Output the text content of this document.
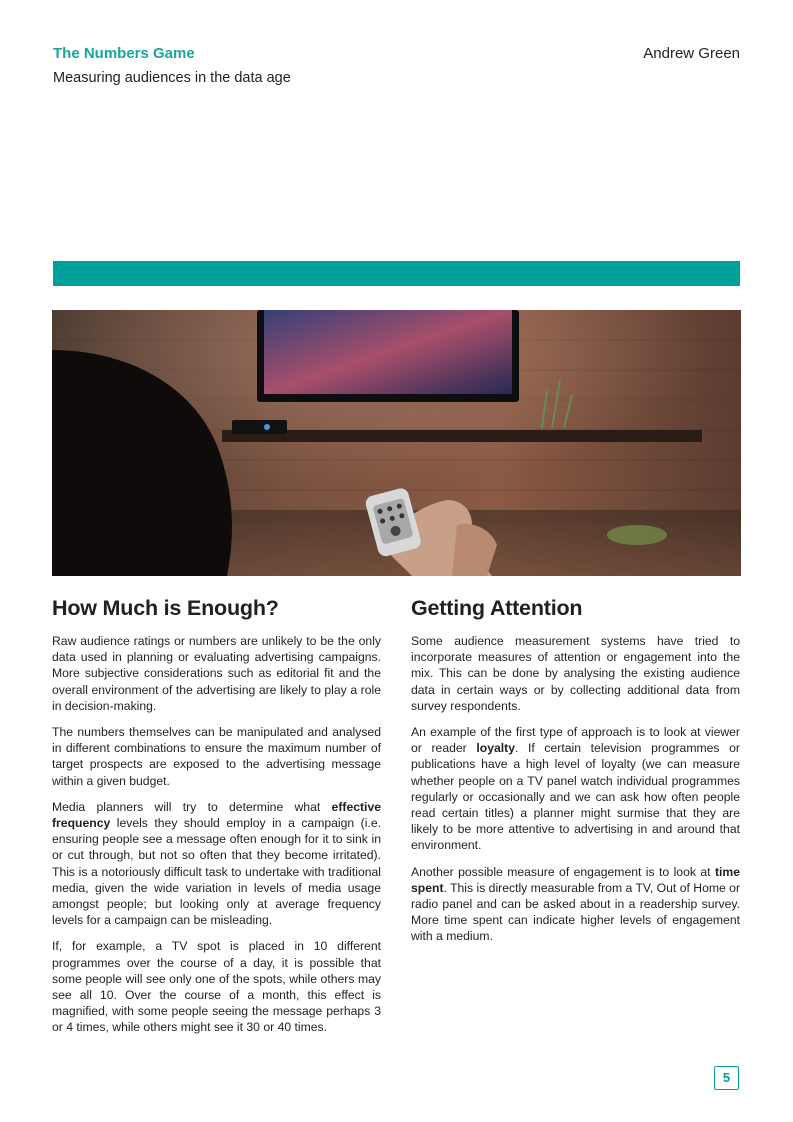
The Numbers Game
Measuring audiences in the data age
Andrew Green
How Much is Enough?

Raw audience ratings or numbers are unlikely to be the only data used in planning or evaluating advertising campaigns. More subjective considerations such as editorial fit and the overall environment of the advertising are likely to play a role in decision-making.

The numbers themselves can be manipulated and analysed in different combinations to ensure the maximum number of target prospects are exposed to the advertising message within a given budget.

Media planners will try to determine what effective frequency levels they should employ in a campaign (i.e. ensuring people see a message often enough for it to sink in or cut through, but not so often that they become irritated). This is a notoriously difficult task to undertake with traditional media, given the wide variation in levels of media usage amongst people; but looking only at average frequency levels for a campaign can be misleading.

If, for example, a TV spot is placed in 10 different programmes over the course of a day, it is possible that some people will see only one of the spots, while others may see all 10. Over the course of a month, this effect is magnified, with some people seeing the message perhaps 3 or 4 times, while others might see it 30 or 40 times.

Getting Attention

Some audience measurement systems have tried to incorporate measures of attention or engagement into the mix. This can be done by analysing the existing audience data in certain ways or by collecting additional data from survey respondents.

An example of the first type of approach is to look at viewer or reader loyalty. If certain television programmes or publications have a high level of loyalty (we can measure whether people on a TV panel watch individual programmes regularly or occasionally and we can ask how often people read certain titles) a planner might surmise that they are likely to be more attentive to advertising in and around that environment.

Another possible measure of engagement is to look at time spent. This is directly measurable from a TV, Out of Home or radio panel and can be asked about in a readership survey. More time spent can indicate higher levels of engagement with a medium.

5
